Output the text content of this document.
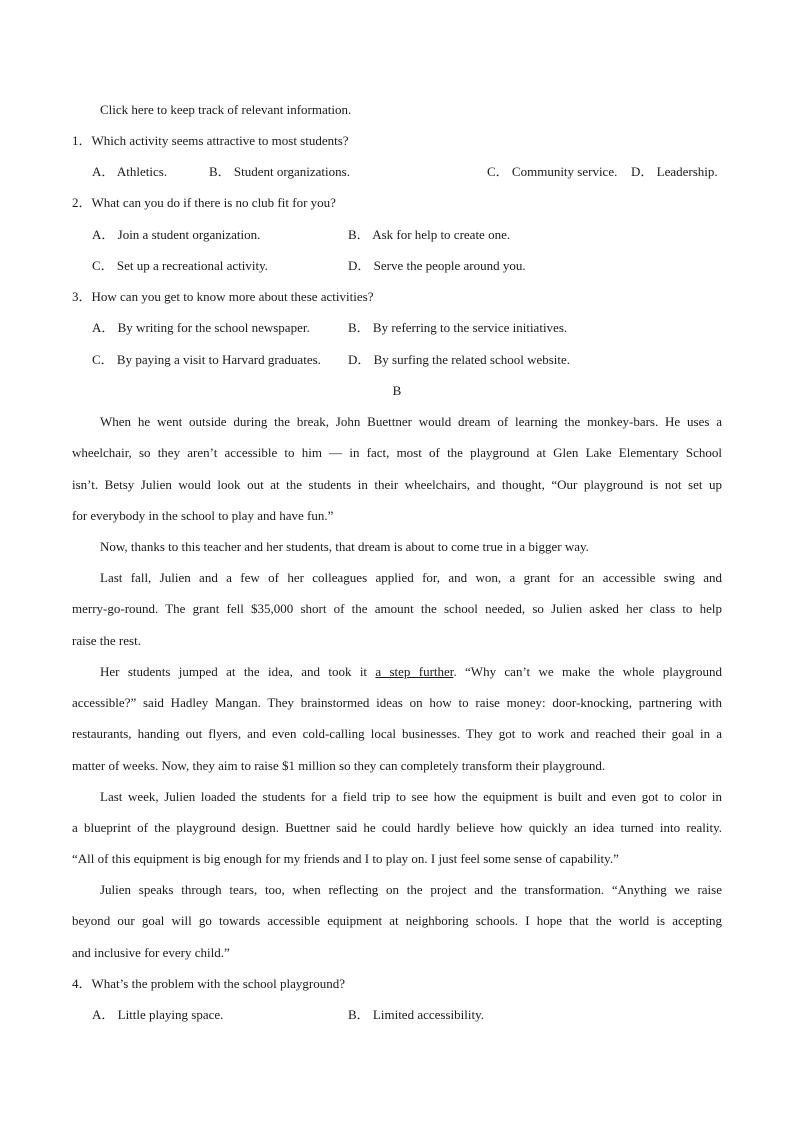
Click here to keep track of relevant information.
1．Which activity seems attractive to most students?
A． Athletics.	B． Student organizations.	C． Community service. D． Leadership.
2．What can you do if there is no club fit for you?
A． Join a student organization.	B． Ask for help to create one.
C． Set up a recreational activity.	D． Serve the people around you.
3．How can you get to know more about these activities?
A． By writing for the school newspaper.	B． By referring to the service initiatives.
C． By paying a visit to Harvard graduates. D． By surfing the related school website.
B
When he went outside during the break, John Buettner would dream of learning the monkey-bars. He uses a
wheelchair, so they aren’t accessible to him — in fact, most of the playground at Glen Lake Elementary School
isn’t. Betsy Julien would look out at the students in their wheelchairs, and thought, “Our playground is not set up
for everybody in the school to play and have fun.”
Now, thanks to this teacher and her students, that dream is about to come true in a bigger way.
Last fall, Julien and a few of her colleagues applied for, and won, a grant for an accessible swing and
merry-go-round. The grant fell $35,000 short of the amount the school needed, so Julien asked her class to help
raise the rest.
Her students jumped at the idea, and took it a step further. “Why can’t we make the whole playground
accessible?” said Hadley Mangan. They brainstormed ideas on how to raise money: door-knocking, partnering with
restaurants, handing out flyers, and even cold-calling local businesses. They got to work and reached their goal in a
matter of weeks. Now, they aim to raise $1 million so they can completely transform their playground.
Last week, Julien loaded the students for a field trip to see how the equipment is built and even got to color in
a blueprint of the playground design. Buettner said he could hardly believe how quickly an idea turned into reality.
“All of this equipment is big enough for my friends and I to play on. I just feel some sense of capability.”
Julien speaks through tears, too, when reflecting on the project and the transformation. “Anything we raise
beyond our goal will go towards accessible equipment at neighboring schools. I hope that the world is accepting
and inclusive for every child.”
4．What’s the problem with the school playground?
A． Little playing space.	B． Limited accessibility.
